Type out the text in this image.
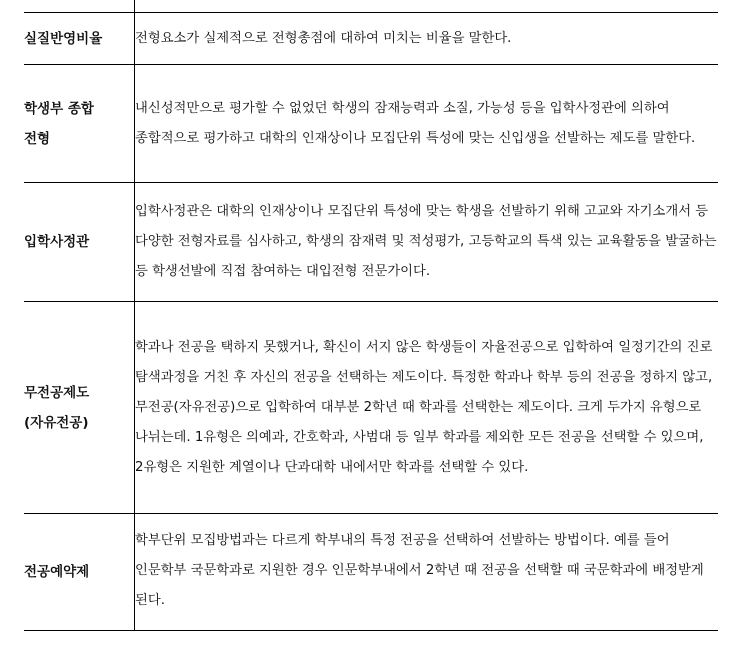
실질반영비율	전형요소가 실제적으로 전형총점에 대하여 미치는 비율을 말한다.

학생부 종합
전형	내신성적만으로 평가할 수 없었던 학생의 잠재능력과 소질, 가능성 등을 입학사정관에 의하여 종합적으로 평가하고 대학의 인재상이나 모집단위 특성에 맞는 신입생을 선발하는 제도를 말한다.

입학사정관	입학사정관은 대학의 인재상이나 모집단위 특성에 맞는 학생을 선발하기 위해 고교와 자기소개서 등 다양한 전형자료를 심사하고, 학생의 잠재력 및 적성평가, 고등학교의 특색 있는 교육활동을 발굴하는 등 학생선발에 직접 참여하는 대입전형 전문가이다.

무전공제도
(자유전공)	학과나 전공을 택하지 못했거나, 확신이 서지 않은 학생들이 자율전공으로 입학하여 일정기간의 진로 탐색과정을 거친 후 자신의 전공을 선택하는 제도이다. 특정한 학과나 학부 등의 전공을 정하지 않고, 무전공(자유전공)으로 입학하여 대부분 2학년 때 학과를 선택한는 제도이다. 크게 두가지 유형으로 나뉘는데. 1유형은 의예과, 간호학과, 사범대 등 일부 학과를 제외한 모든 전공을 선택할 수 있으며, 2유형은 지원한 계열이나 단과대학 내에서만 학과를 선택할 수 있다.

전공예약제	학부단위 모집방법과는 다르게 학부내의 특정 전공을 선택하여 선발하는 방법이다. 예를 들어 인문학부 국문학과로 지원한 경우 인문학부내에서 2학년 때 전공을 선택할 때 국문학과에 배정받게 된다.
